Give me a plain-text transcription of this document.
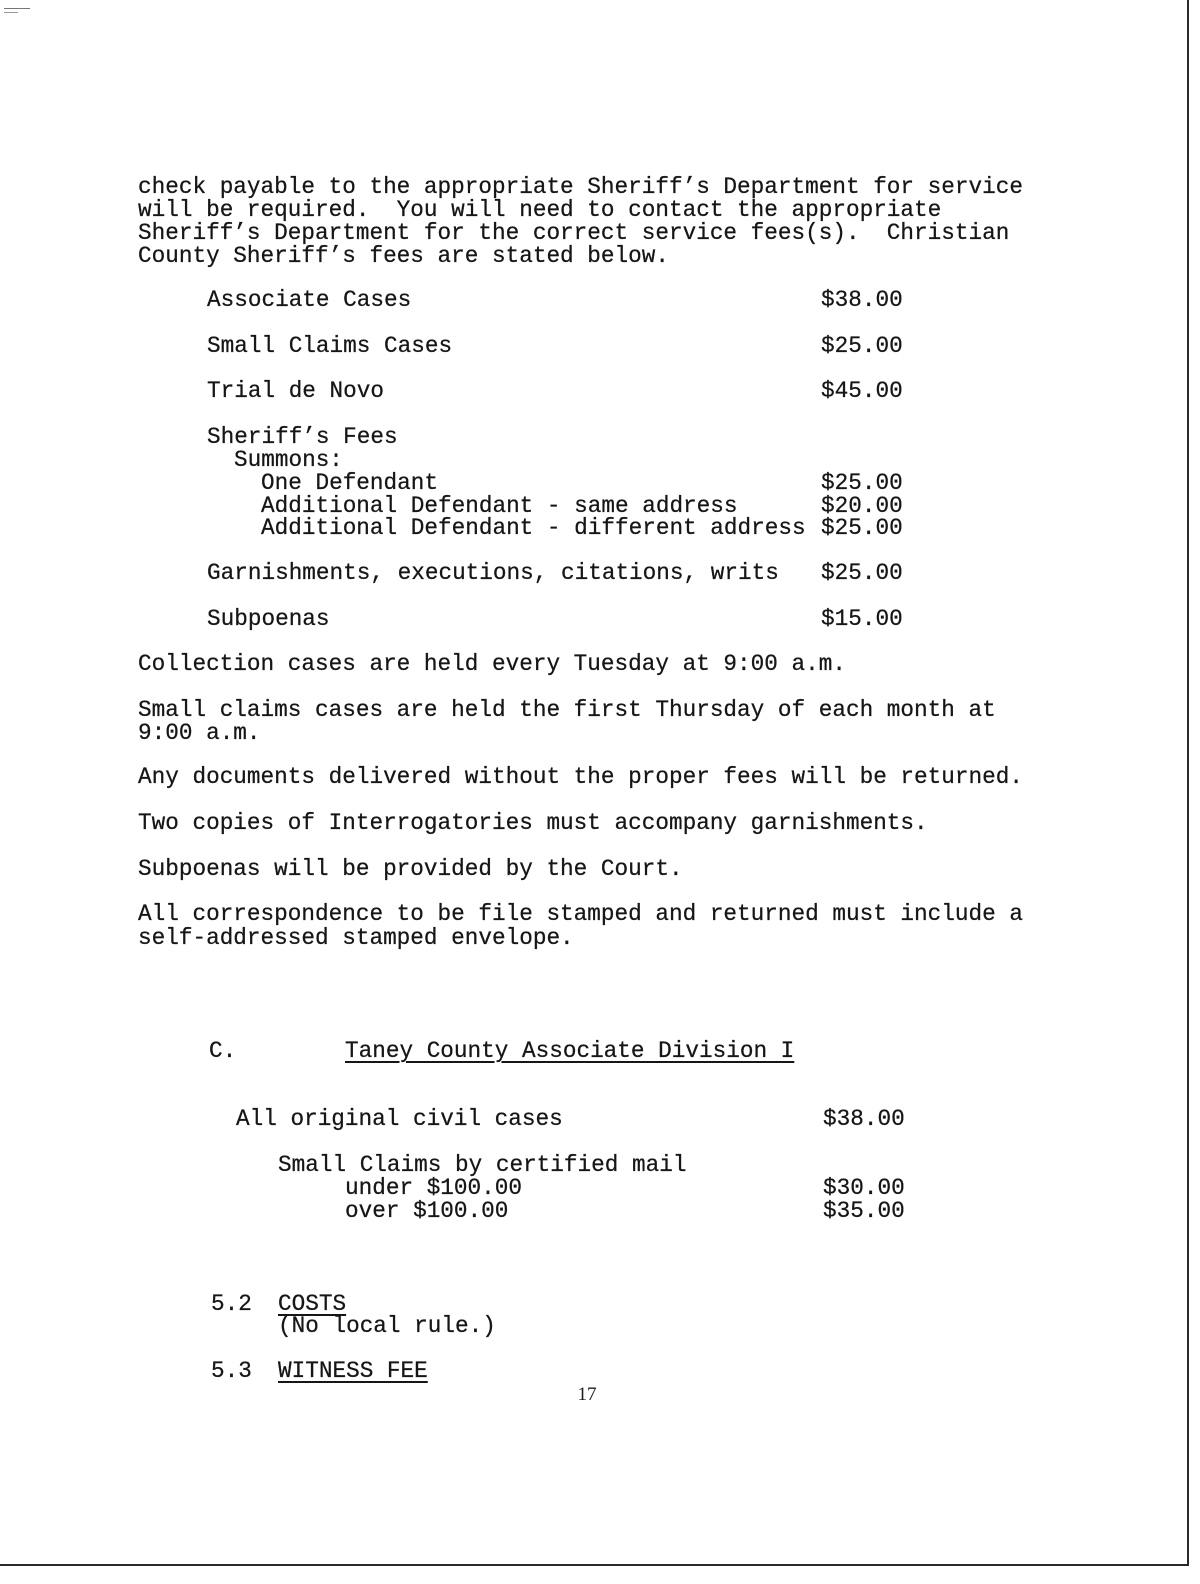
check payable to the appropriate Sheriff’s Department for service
will be required.  You will need to contact the appropriate
Sheriff’s Department for the correct service fees(s).  Christian
County Sheriff’s fees are stated below.
Associate Cases	$38.00
Small Claims Cases	$25.00
Trial de Novo	$45.00
Sheriff’s Fees
Summons:
One Defendant	$25.00
Additional Defendant - same address	$20.00
Additional Defendant - different address $25.00
Garnishments, executions, citations, writs $25.00
Subpoenas	$15.00
Collection cases are held every Tuesday at 9:00 a.m.
Small claims cases are held the first Thursday of each month at
9:00 a.m.
Any documents delivered without the proper fees will be returned.
Two copies of Interrogatories must accompany garnishments.
Subpoenas will be provided by the Court.
All correspondence to be file stamped and returned must include a
self-addressed stamped envelope.
C.	Taney County Associate Division I
All original civil cases	$38.00
Small Claims by certified mail
under $100.00	$30.00
over $100.00	$35.00
5.2 COSTS
(No local rule.)
5.3 WITNESS FEE
17
